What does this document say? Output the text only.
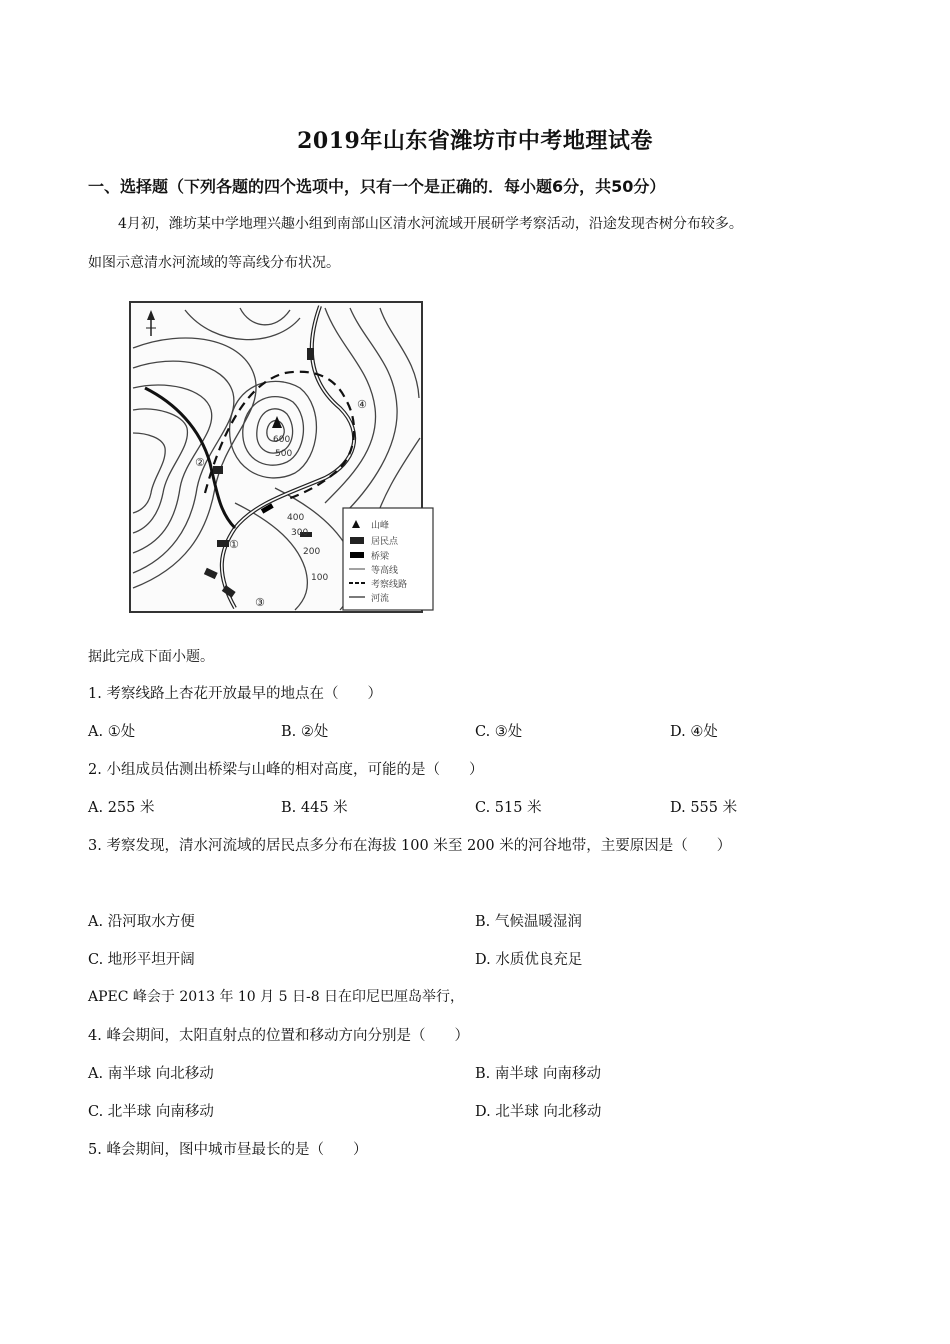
2019年山东省潍坊市中考地理试卷
一、选择题（下列各题的四个选项中，只有一个是正确的．每小题6分，共50分）
4月初，潍坊某中学地理兴趣小组到南部山区清水河流域开展研学考察活动，沿途发现杏树分布较多。
如图示意清水河流域的等高线分布状况。
600
500
400
300
200
100
②
①
③
④
山峰
居民点
桥梁
等高线
考察线路
河流
据此完成下面小题。
1. 考察线路上杏花开放最早的地点在（　　）
A. ①处	B. ②处	C. ③处	D. ④处
2. 小组成员估测出桥梁与山峰的相对高度，可能的是（　　）
A. 255 米	B. 445 米	C. 515 米	D. 555 米
3. 考察发现，清水河流域的居民点多分布在海拔 100 米至 200 米的河谷地带，主要原因是（　　）
A. 沿河取水方便	B. 气候温暖湿润
C. 地形平坦开阔	D. 水质优良充足
APEC 峰会于 2013 年 10 月 5 日-8 日在印尼巴厘岛举行，
4. 峰会期间，太阳直射点的位置和移动方向分别是（　　）
A. 南半球 向北移动	B. 南半球 向南移动
C. 北半球 向南移动	D. 北半球 向北移动
5. 峰会期间，图中城市昼最长的是（　　）
